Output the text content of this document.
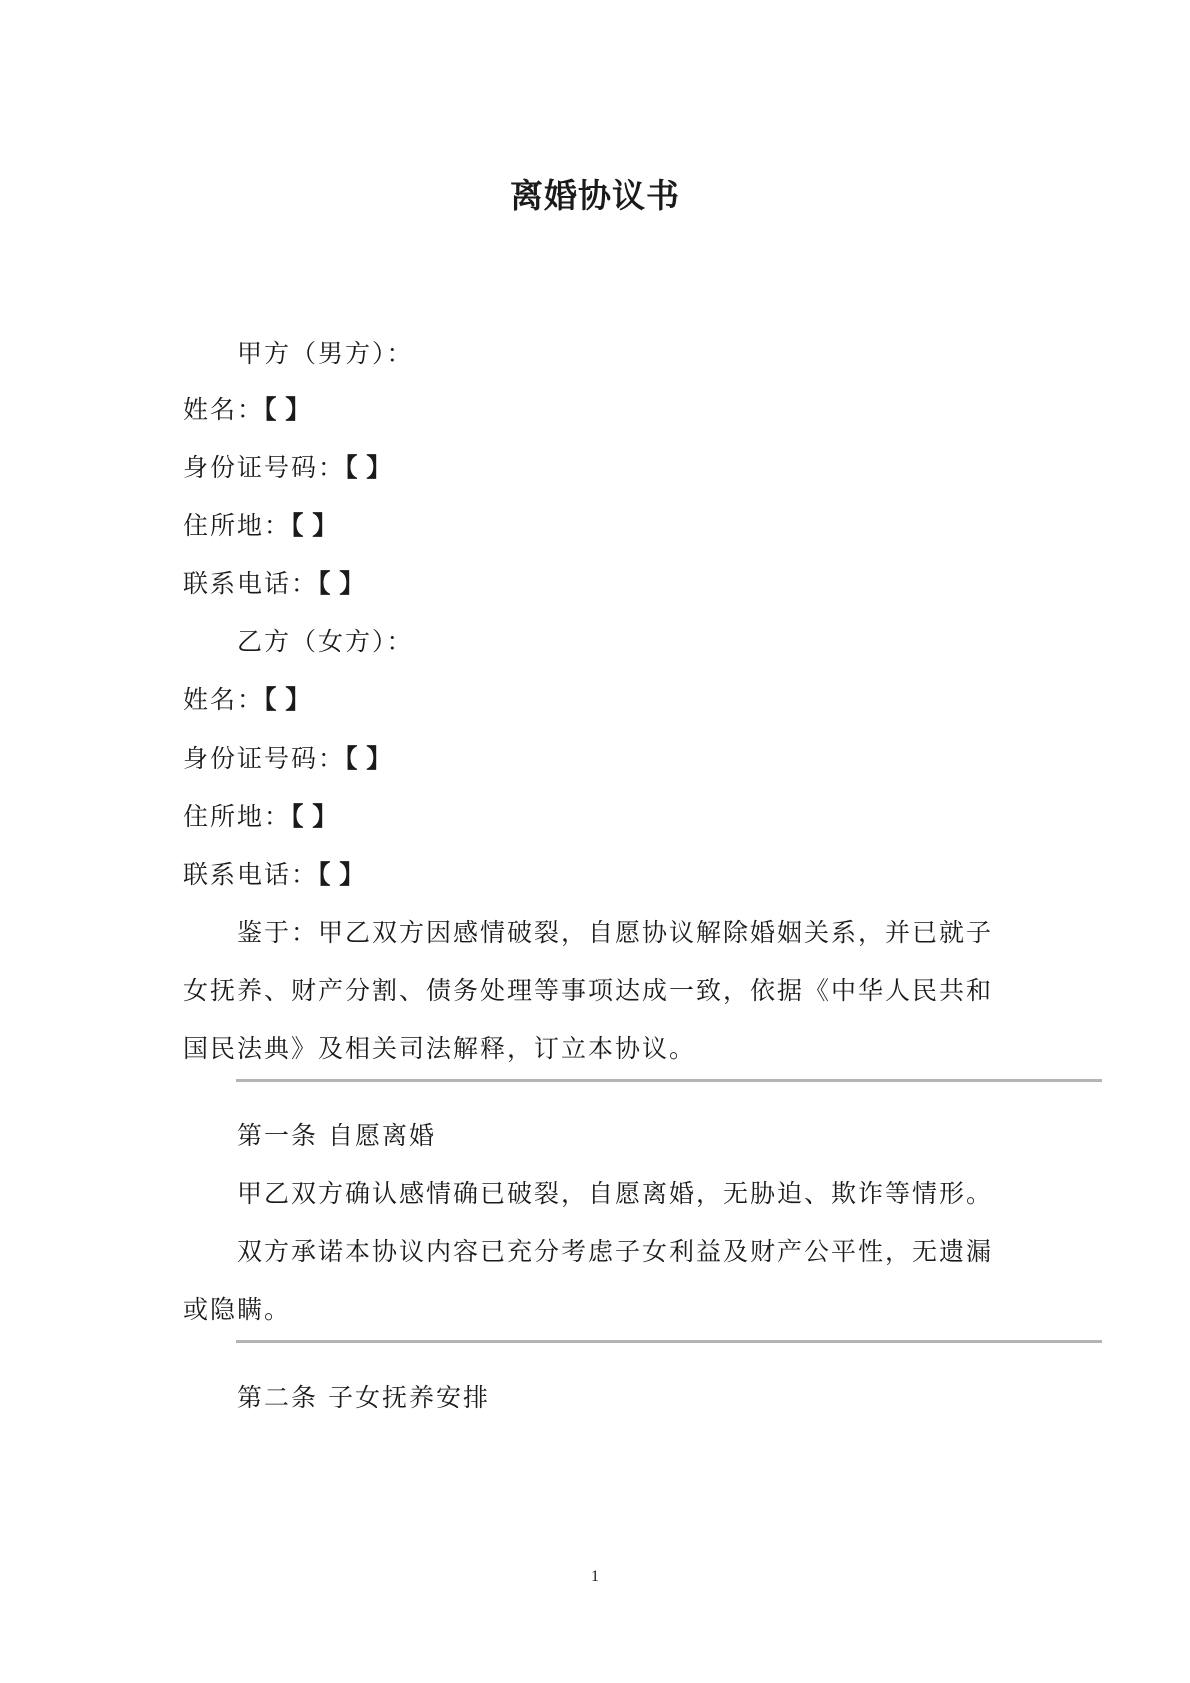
离婚协议书
甲方（男方）：
姓名：【 】
身份证号码：【 】
住所地：【 】
联系电话：【 】
乙方（女方）：
姓名：【 】
身份证号码：【 】
住所地：【 】
联系电话：【 】
鉴于：甲乙双方因感情破裂，自愿协议解除婚姻关系，并已就子
女抚养、财产分割、债务处理等事项达成一致，依据《中华人民共和
国民法典》及相关司法解释，订立本协议。
第一条 自愿离婚
甲乙双方确认感情确已破裂，自愿离婚，无胁迫、欺诈等情形。
双方承诺本协议内容已充分考虑子女利益及财产公平性，无遗漏
或隐瞒。
第二条 子女抚养安排
1
